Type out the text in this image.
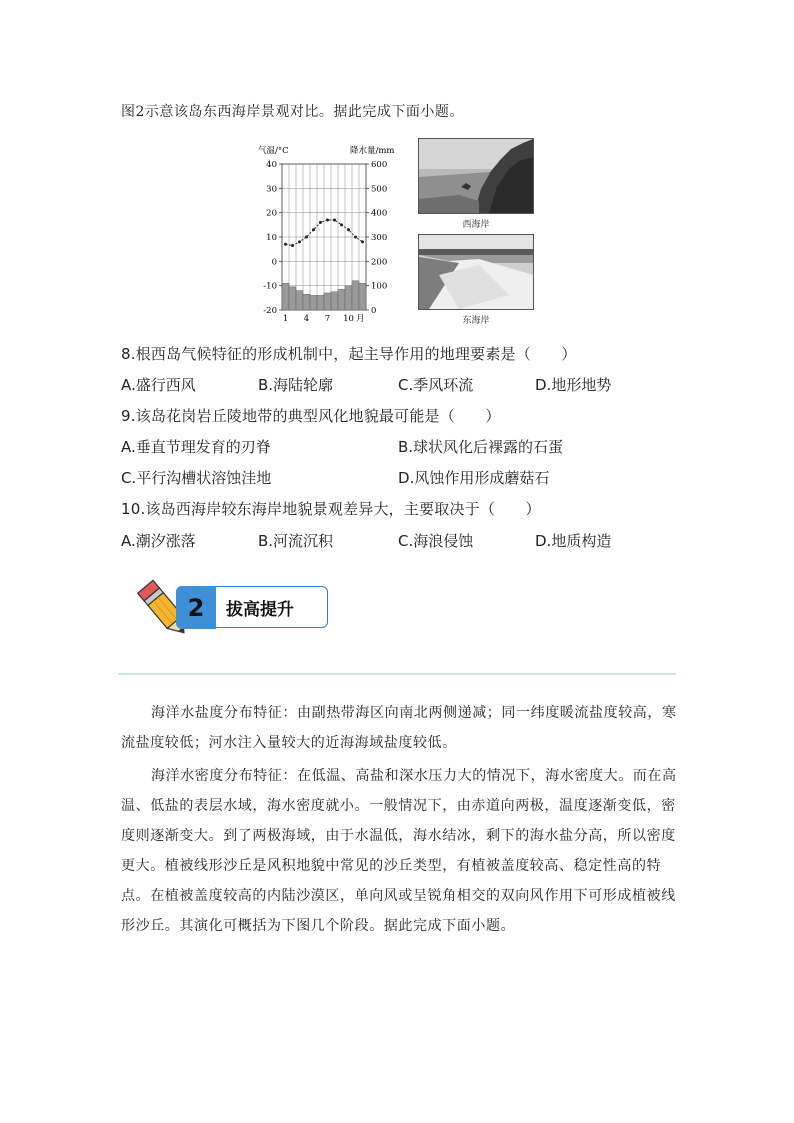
图2示意该岛东西海岸景观对比。据此完成下面小题。
气温/°C	降水量/mm
40
30
20
10
0
-10
-20
600
500
400
300
200
100
0
1 4 7 10 月
西海岸
东海岸
8.根西岛气候特征的形成机制中，起主导作用的地理要素是（　　）
A.盛行西风	B.海陆轮廓	C.季风环流	D.地形地势
9.该岛花岗岩丘陵地带的典型风化地貌最可能是（　　）
A.垂直节理发育的刃脊	B.球状风化后裸露的石蛋
C.平行沟槽状溶蚀洼地	D.风蚀作用形成蘑菇石
10.该岛西海岸较东海岸地貌景观差异大，主要取决于（　　）
A.潮汐涨落	B.河流沉积	C.海浪侵蚀	D.地质构造
2	拔高提升
海洋水盐度分布特征：由副热带海区向南北两侧递减；同一纬度暖流盐度较高，寒流盐度较低；河水注入量较大的近海海域盐度较低。
海洋水密度分布特征：在低温、高盐和深水压力大的情况下，海水密度大。而在高温、低盐的表层水域，海水密度就小。一般情况下，由赤道向两极，温度逐渐变低，密度则逐渐变大。到了两极海域，由于水温低，海水结冰，剩下的海水盐分高，所以密度更大。植被线形沙丘是风积地貌中常见的沙丘类型，有植被盖度较高、稳定性高的特点。在植被盖度较高的内陆沙漠区，单向风或呈锐角相交的双向风作用下可形成植被线形沙丘。其演化可概括为下图几个阶段。据此完成下面小题。
